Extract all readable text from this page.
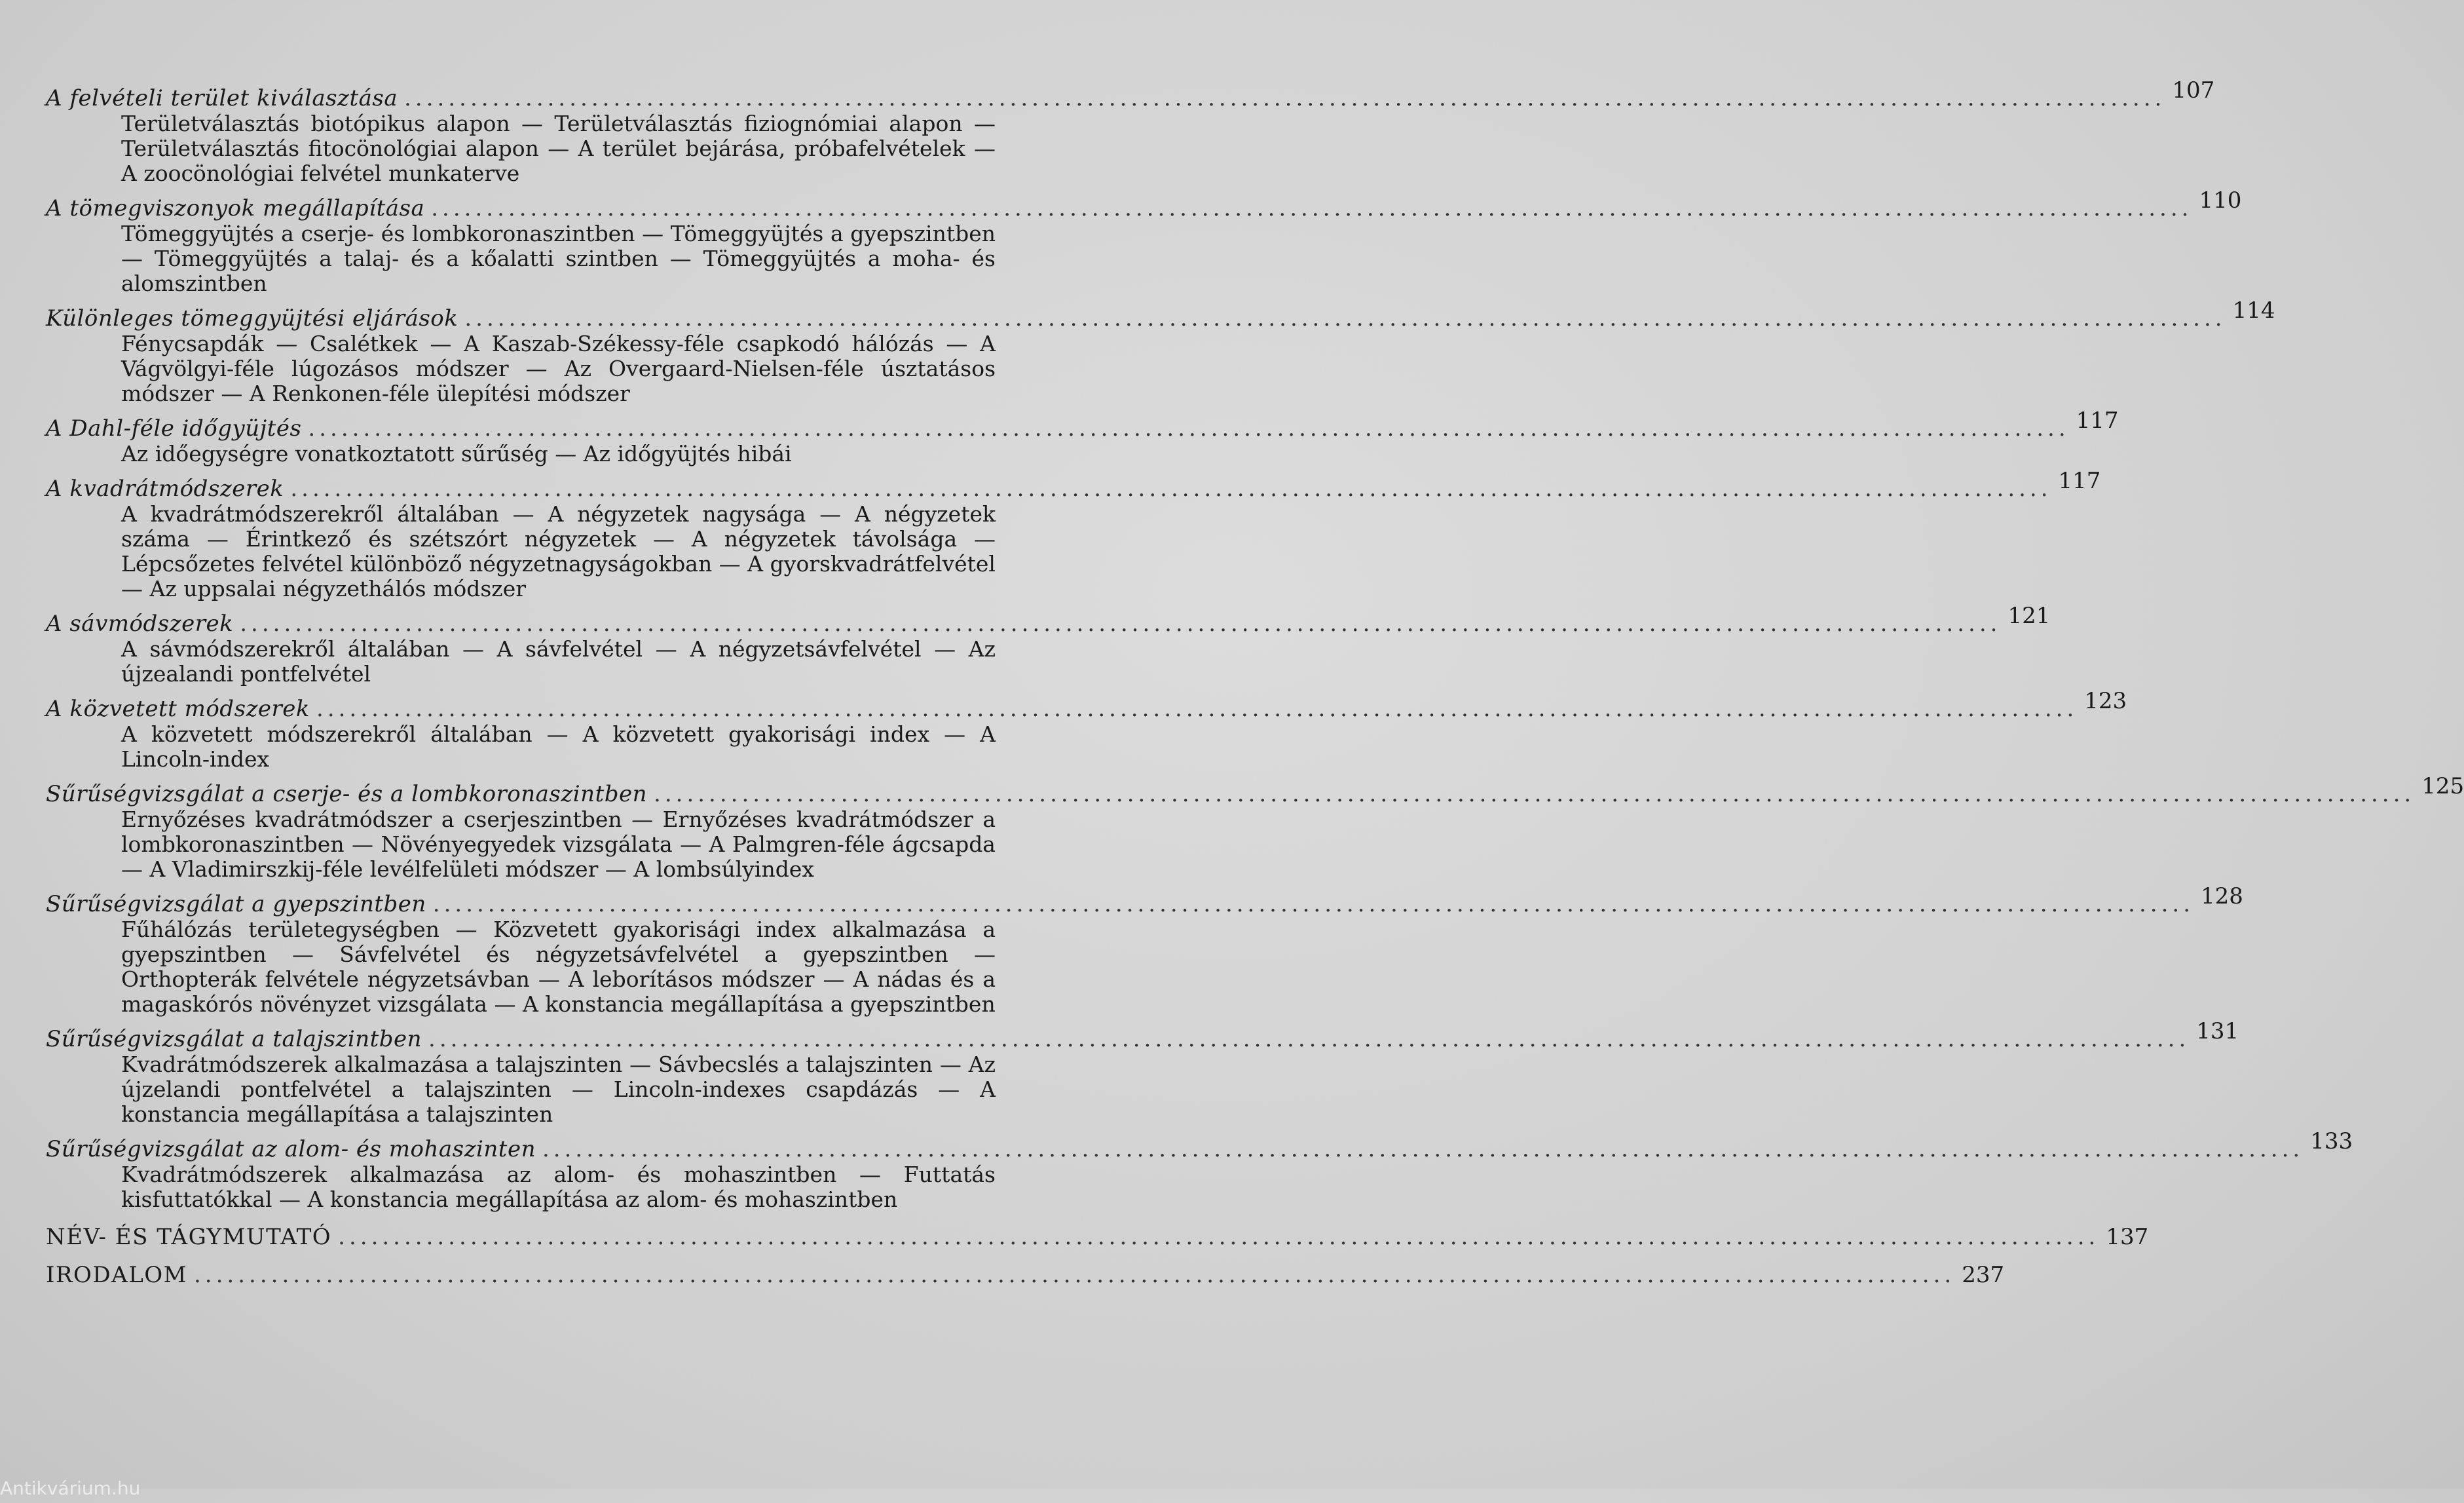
A felvételi terület kiválasztása ................................................................................................................................................................ 107
Területválasztás biotópikus alapon — Területválasztás fiziognómiai alapon — Területválasztás fitocönológiai alapon — A terület bejárása, próbafelvételek — A zoocönológiai felvétel munkaterve
A tömegviszonyok megállapítása ................................................................................................................................................................ 110
Tömeggyüjtés a cserje- és lombkoronaszintben — Tömeggyüjtés a gyepszintben — Tömeggyüjtés a talaj- és a kőalatti szintben — Tömeggyüjtés a moha- és alomszintben
Különleges tömeggyüjtési eljárások ................................................................................................................................................................ 114
Fénycsapdák — Csalétkek — A Kaszab-Székessy-féle csapkodó hálózás — A Vágvölgyi-féle lúgozásos módszer — Az Overgaard-Nielsen-féle úsztatásos módszer — A Renkonen-féle ülepítési módszer
A Dahl-féle időgyüjtés ................................................................................................................................................................ 117
Az időegységre vonatkoztatott sűrűség — Az időgyüjtés hibái
A kvadrátmódszerek ................................................................................................................................................................ 117
A kvadrátmódszerekről általában — A négyzetek nagysága — A négyzetek száma — Érintkező és szétszórt négyzetek — A négyzetek távolsága — Lépcsőzetes felvétel különböző négyzetnagyságokban — A gyorskvadrátfelvétel — Az uppsalai négyzethálós módszer
A sávmódszerek ................................................................................................................................................................ 121
A sávmódszerekről általában — A sávfelvétel — A négyzetsávfelvétel — Az újzealandi pontfelvétel
A közvetett módszerek ................................................................................................................................................................ 123
A közvetett módszerekről általában — A közvetett gyakorisági index — A Lincoln-index
Sűrűségvizsgálat a cserje- és a lombkoronaszintben ................................................................................................................................................................ 125
Ernyőzéses kvadrátmódszer a cserjeszintben — Ernyőzéses kvadrátmódszer a lombkoronaszintben — Növényegyedek vizsgálata — A Palmgren-féle ágcsapda — A Vladimirszkij-féle levélfelületi módszer — A lombsúlyindex
Sűrűségvizsgálat a gyepszintben ................................................................................................................................................................ 128
Fűhálózás területegységben — Közvetett gyakorisági index alkalmazása a gyepszintben — Sávfelvétel és négyzetsávfelvétel a gyepszintben — Orthopterák felvétele négyzetsávban — A leborításos módszer — A nádas és a magaskórós növényzet vizsgálata — A konstancia megállapítása a gyepszintben
Sűrűségvizsgálat a talajszintben ................................................................................................................................................................ 131
Kvadrátmódszerek alkalmazása a talajszinten — Sávbecslés a talajszinten — Az újzelandi pontfelvétel a talajszinten — Lincoln-indexes csapdázás — A konstancia megállapítása a talajszinten
Sűrűségvizsgálat az alom- és mohaszinten ................................................................................................................................................................ 133
Kvadrátmódszerek alkalmazása az alom- és mohaszintben — Futtatás kisfuttatókkal — A konstancia megállapítása az alom- és mohaszintben
NÉV- ÉS TÁGYMUTATÓ ................................................................................................................................................................ 137
IRODALOM ................................................................................................................................................................ 237
Antikvárium.hu
